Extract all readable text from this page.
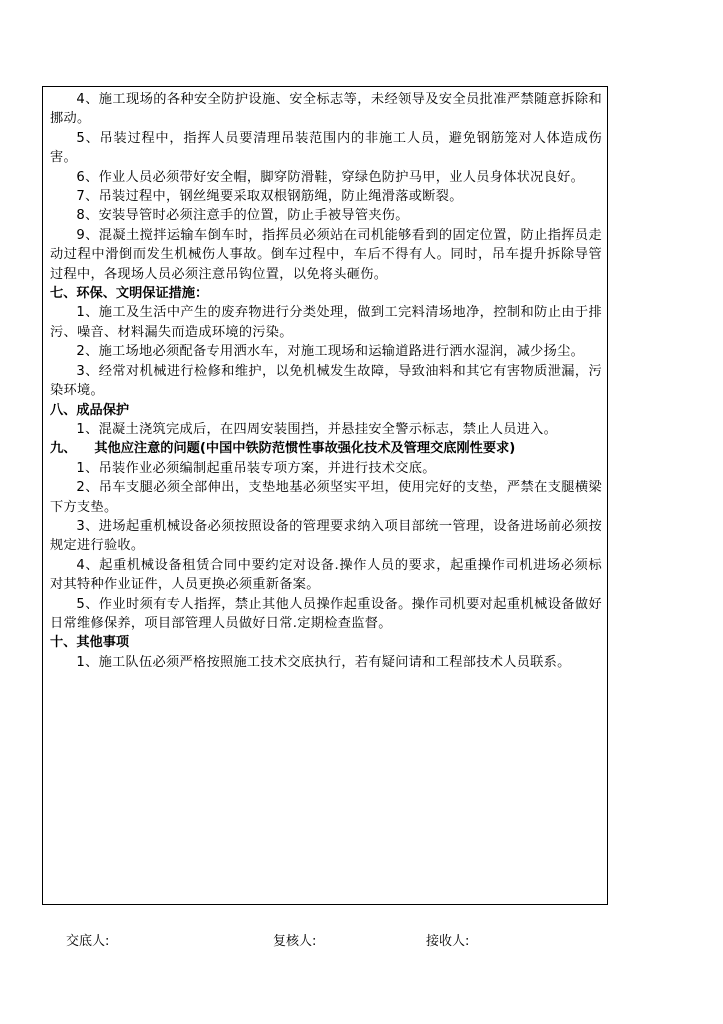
4、施工现场的各种安全防护设施、安全标志等，未经领导及安全员批准严禁随意拆除和挪动。

5、吊装过程中，指挥人员要清理吊装范围内的非施工人员，避免钢筋笼对人体造成伤害。

6、作业人员必须带好安全帽，脚穿防滑鞋，穿绿色防护马甲，业人员身体状况良好。

7、吊装过程中，钢丝绳要采取双根钢筋绳，防止绳滑落或断裂。

8、安装导管时必须注意手的位置，防止手被导管夹伤。

9、混凝土搅拌运输车倒车时，指挥员必须站在司机能够看到的固定位置，防止指挥员走动过程中滑倒而发生机械伤人事故。倒车过程中，车后不得有人。同时，吊车提升拆除导管过程中，各现场人员必须注意吊钩位置，以免将头砸伤。

七、环保、文明保证措施：

1、施工及生活中产生的废弃物进行分类处理，做到工完料清场地净，控制和防止由于排污、噪音、材料漏失而造成环境的污染。

2、施工场地必须配备专用洒水车，对施工现场和运输道路进行洒水湿润，减少扬尘。

3、经常对机械进行检修和维护，以免机械发生故障，导致油料和其它有害物质泄漏，污染环境。

八、成品保护

1、混凝土浇筑完成后，在四周安装围挡，并悬挂安全警示标志，禁止人员进入。

九、 其他应注意的问题(中国中铁防范惯性事故强化技术及管理交底刚性要求)

1、吊装作业必须编制起重吊装专项方案，并进行技术交底。

2、吊车支腿必须全部伸出，支垫地基必须坚实平坦，使用完好的支垫，严禁在支腿横梁下方支垫。

3、进场起重机械设备必须按照设备的管理要求纳入项目部统一管理，设备进场前必须按规定进行验收。

4、起重机械设备租赁合同中要约定对设备.操作人员的要求，起重操作司机进场必须标对其特种作业证件，人员更换必须重新备案。

5、作业时须有专人指挥，禁止其他人员操作起重设备。操作司机要对起重机械设备做好日常维修保养，项目部管理人员做好日常.定期检查监督。

十、其他事项

1、施工队伍必须严格按照施工技术交底执行，若有疑问请和工程部技术人员联系。

交底人:	复核人:	接收人:
